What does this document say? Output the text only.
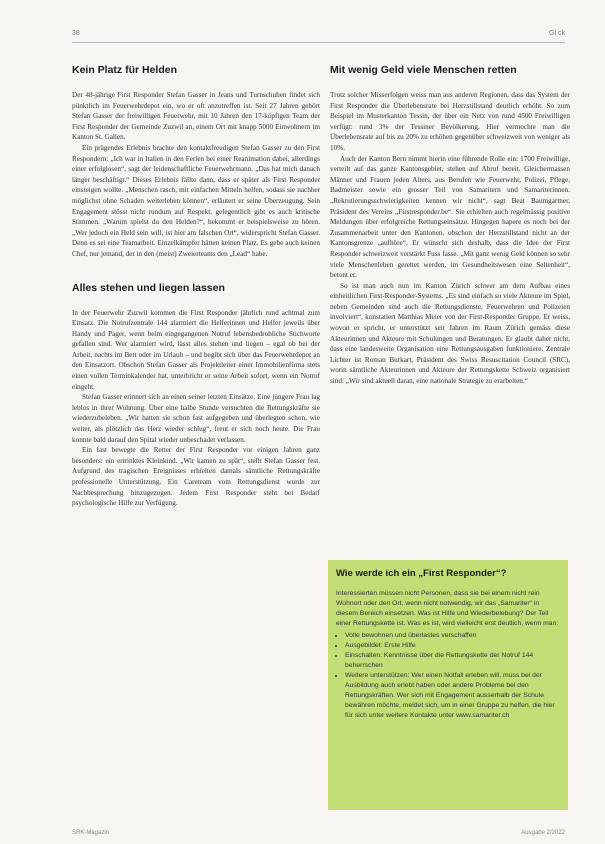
38	Gl ck
Kein Platz für Helden

Der 48-jährige First Responder Stefan Gasser in Jeans und Turnschuhen findet sich pünktlich im Feuerwehrdepot ein, wo er oft anzutreffen ist. Seit 27 Jahren gehört Stefan Gasser der freiwilligen Feuerwehr, mit 10 Jahren den 17-köpfigen Team der First Responder der Gemeinde Zuzwil an, einem Ort mit knapp 5000 Einwohnern im Kanton St. Gallen.

Ein prägendes Erlebnis brachte den kontaktfreudigen Stefan Gasser zu den First Respondern: „Ich war in Italien in den Ferien bei einer Reanimation dabei, allerdings einer erfolglosen“, sagt der leidenschaftliche Feuerwehrmann. „Das hat mich danach länger beschäftigt.“ Dieses Erlebnis fällte dann, dass er später als First Responder einsteigen wollte. „Menschen rasch, mit einfachen Mitteln helfen, sodass sie nachher möglichst ohne Schaden weiterleben können“, erläutert er seine Überzeugung. Sein Engagement stösst nicht rundum auf Respekt, gelegentlich gibt es auch kritische Stimmen. „Warum spielst du den Helden?“, bekommt er beispielsweise zu hören. „Wer jedoch ein Held sein will, ist hier am falschen Ort“, widerspricht Stefan Gasser. Denn es sei eine Teamarbeit. Einzelkämpfer hätten keinen Platz. Es gebe auch keinen Chef, nur jemand, der in den (meist) Zweierteams den „Lead“ habe.

Alles stehen und liegen lassen

In der Feuerwehr Zuzwil kommen die First Responder jährlich rund achtmal zum Einsatz. Die Notrufzentrale 144 alarmiert die Helferinnen und Helfer jeweils über Handy und Pager, wenn beim eingegangenen Notruf lebensbedrohliche Stichworte gefallen sind. Wer alarmiert wird, lässt alles stehen und liegen – egal ob bei der Arbeit, nachts im Bett oder im Urlaub – und begibt sich über das Feuerwehrdepot an den Einsatzort. Obschon Stefan Gasser als Projektleiter einer Immobilienfirma stets einen vollen Terminkalender hat, unterbricht er seine Arbeit sofort, wenn ein Notruf eingeht.

Stefan Gasser erinnert sich an einen seiner letzten Einsätze. Eine jüngere Frau lag leblos in ihrer Wohnung. Über eine halbe Stunde versuchten die Rettungskräfte sie wiederzubeleben. „Wir hatten sie schon fast aufgegeben und überlegten schon, wie weiter, als plötzlich das Herz wieder schlug“, freut er sich noch heute. Die Frau konnte bald darauf den Spital wieder unbeschadet verlassen.

Ein fast bewegte die Retter der First Responder vor einigen Jahren ganz besonders: ein ertrinktes Kleinkind. „Wir kamen zu spät“, stellt Stefan Gasser fest. Aufgrund des tragischen Ereignisses erhielten damals sämtliche Rettungskräfte professionelle Unterstützung. Ein Careteam vom Rettungsdienst wurde zur Nachbesprechung hinzugezogen. Jedem First Responder steht bei Bedarf psychologische Hilfe zur Verfügung.

Mit wenig Geld viele Menschen retten

Trotz solcher Misserfolgen weiss man aus anderen Regionen, dass das System der First Responder die Überlebensrate bei Herzstillstand deutlich erhöht. So zum Beispiel im Musterkanton Tessin, der über ein Netz von rund 4500 Freiwilligen verfügt: rund 3% der Tessiner Bevölkerung. Hier vermochte man die Überlebensrate auf bis zu 20% zu erhöhen gegenüber schweizweit von weniger als 10%.

Auch der Kanton Bern nimmt hierin eine führende Rolle ein: 1700 Freiwillige, verteilt auf das ganze Kantonsgebiet, stehen auf Abruf bereit. Gleichermassen Männer und Frauen jeden Alters, aus Berufen wie Feuerwehr, Polizei, Pflege, Badmeister sowie ein grosser Teil von Samaritern und Samariterinnen. „Rekrutierungsschwierigkeiten kennen wir nicht“, sagt Beat Baumgartner, Präsident des Vereins „Firstresponder.be“. Sie erhielten auch regelmässig positive Meldungen über erfolgreiche Rettungseinsätze. Hingegen hapere es noch bei der Zusammenarbeit unter den Kantonen, obschon der Herzstillstand nicht an der Kantonsgrenze „aufhöre“. Er wünscht sich deshalb, dass die Idee der First Responder schweizweit verstärkt Fuss fasse. „Mit ganz wenig Geld können so sehr viele Menschenleben gerettet werden, im Gesundheitswesen eine Seltenheit“, betont er.

So ist man auch nun im Kanton Zürich schwer am dem Aufbau eines einheitlichen First-Responder-Systems. „Es sind einfach so viele Akteure im Spiel, neben Gemeinden sind auch die Rettungsdienste, Feuerwehren und Polizeien involviert“, konstatiert Matthias Meier von der First-Responder Gruppe. Er weiss, wovon er spricht, er unterstützt seit Jahren im Raum Zürich gemäss diese Akteurinnen und Akteure mit Schulungen und Beratungen. Er glaubt daher nicht, dass eine landesweite Organisation eine Rettungsausgaben funktioniere. Zentrale Lichter ist Roman Burkart, Präsident des Swiss Resuscitation Council (SRC), worin sämtliche Akteurinnen und Akteure der Rettungskette Schweiz organisiert sind: „Wir sind aktuell daran, eine nationale Strategie zu erarbeiten.“

Wie werde ich ein „First Responder“?

Interessierten müssen nicht Personen, dass sie bei einem nicht rein Wohnort oder den Ort, wenn nicht notwendig, wir das „Samariter“ in diesem Bereich einsetzen. Was ist Hilfe und Wiederbelebung? Der Teil einer Rettungskette ist. Was es ist, wird vielleicht erst deutlich, wenn man:

• Volle bewohnen und überlastes verschaffen
• Ausgebildet: Erste Hilfe
• Einschalten: Kenntnisse über die Rettungskette der Notruf 144 beherrschen
• Weitere unterstützen: Wer einen Notfall erleben will, muss bei der Ausbildung auch erlebt haben oder andere Probleme bei den Rettungskräften. Wer sich mit Engagement ausserhalb der Schule bewähren möchte, meldet sich, um in einer Gruppe zu helfen, die hier für sich unter weitere Kontakte unter www.samariter.ch
SRK-Magazin	Ausgabe 2/2022
